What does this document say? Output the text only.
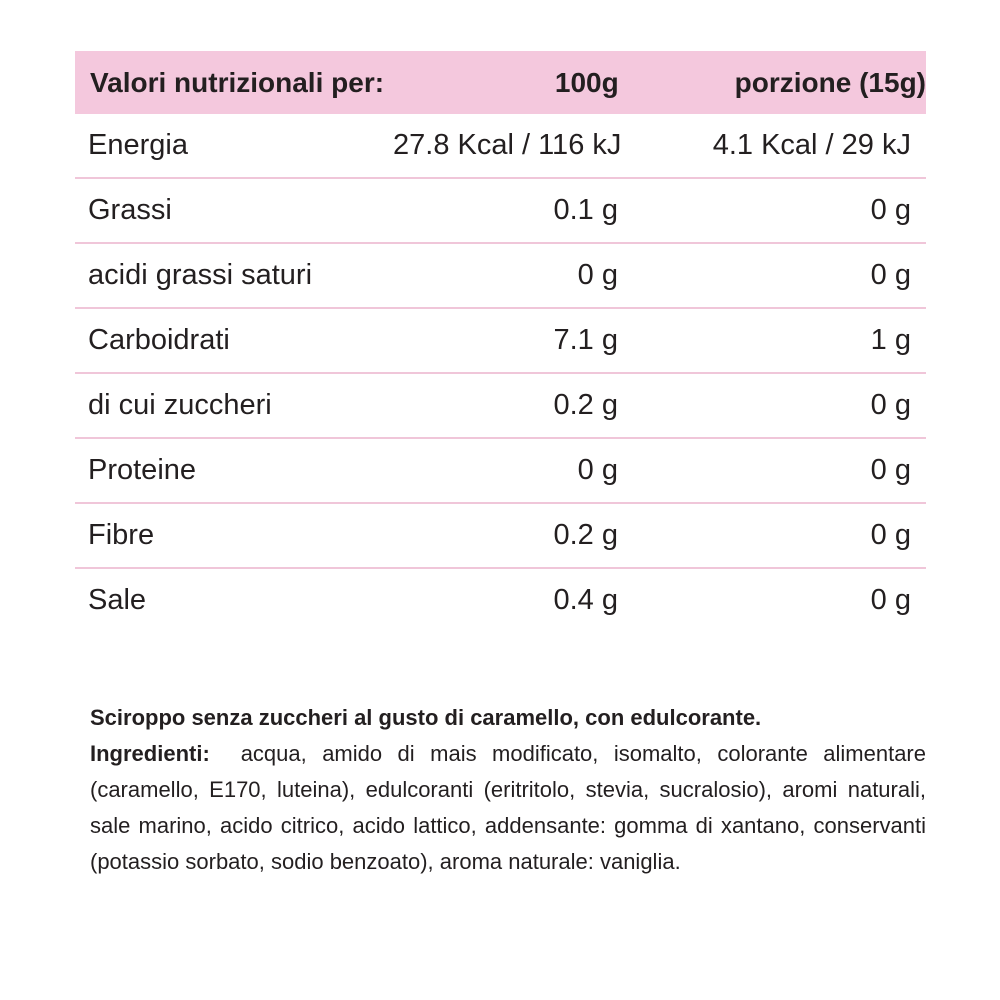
Valori nutrizionali per:	100g	porzione (15g)
Energia	27.8 Kcal / 116 kJ	4.1 Kcal / 29 kJ
Grassi	0.1 g	0 g
acidi grassi saturi	0 g	0 g
Carboidrati	7.1 g	1 g
di cui zuccheri	0.2 g	0 g
Proteine	0 g	0 g
Fibre	0.2 g	0 g
Sale	0.4 g	0 g

Sciroppo senza zuccheri al gusto di caramello, con edulcorante.

Ingredienti: acqua, amido di mais modificato, isomalto, colorante alimentare (caramello, E170, luteina), edulcoranti (eritritolo, stevia, sucralosio), aromi naturali, sale marino, acido citrico, acido lattico, addensante: gomma di xantano, conservanti (potassio sorbato, sodio benzoato), aroma naturale: vaniglia.
